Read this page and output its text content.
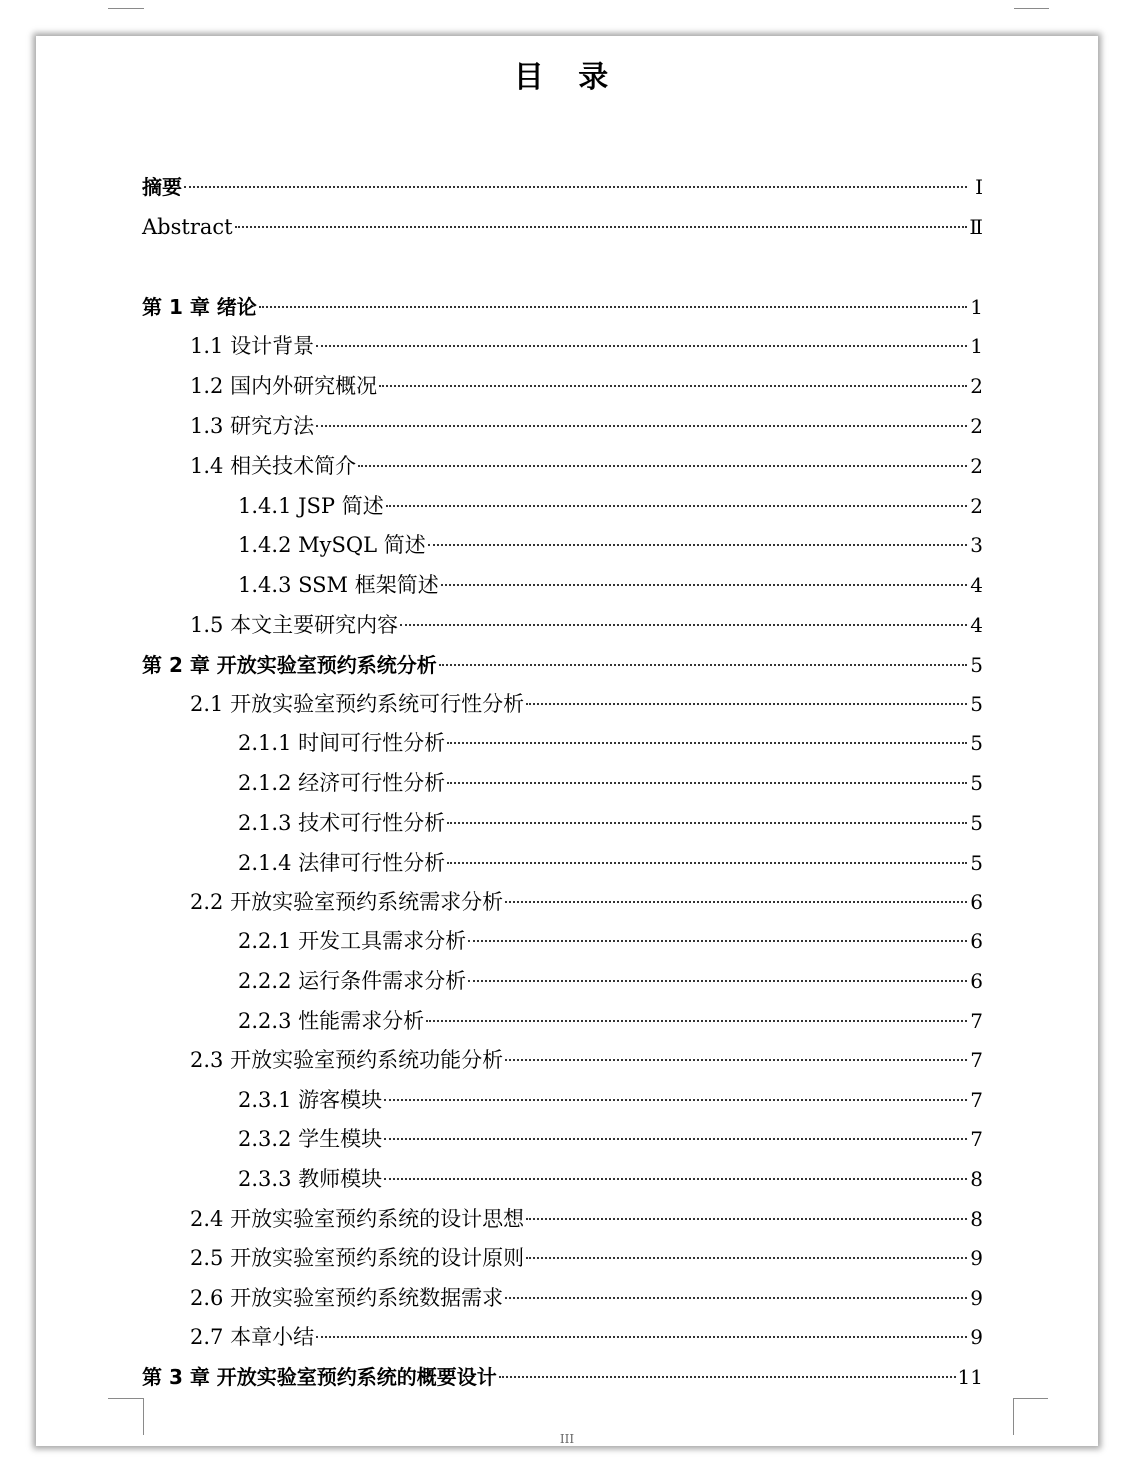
目 录
摘要	Ⅰ
Abstract	Ⅱ
第 1 章 绪论	1
1.1 设计背景	1
1.2 国内外研究概况	2
1.3 研究方法	2
1.4 相关技术简介	2
1.4.1 JSP 简述	2
1.4.2 MySQL 简述	3
1.4.3 SSM 框架简述	4
1.5 本文主要研究内容	4
第 2 章 开放实验室预约系统分析	5
2.1 开放实验室预约系统可行性分析	5
2.1.1 时间可行性分析	5
2.1.2 经济可行性分析	5
2.1.3 技术可行性分析	5
2.1.4 法律可行性分析	5
2.2 开放实验室预约系统需求分析	6
2.2.1 开发工具需求分析	6
2.2.2 运行条件需求分析	6
2.2.3 性能需求分析	7
2.3 开放实验室预约系统功能分析	7
2.3.1 游客模块	7
2.3.2 学生模块	7
2.3.3 教师模块	8
2.4 开放实验室预约系统的设计思想	8
2.5 开放实验室预约系统的设计原则	9
2.6 开放实验室预约系统数据需求	9
2.7 本章小结	9
第 3 章 开放实验室预约系统的概要设计	11
III
